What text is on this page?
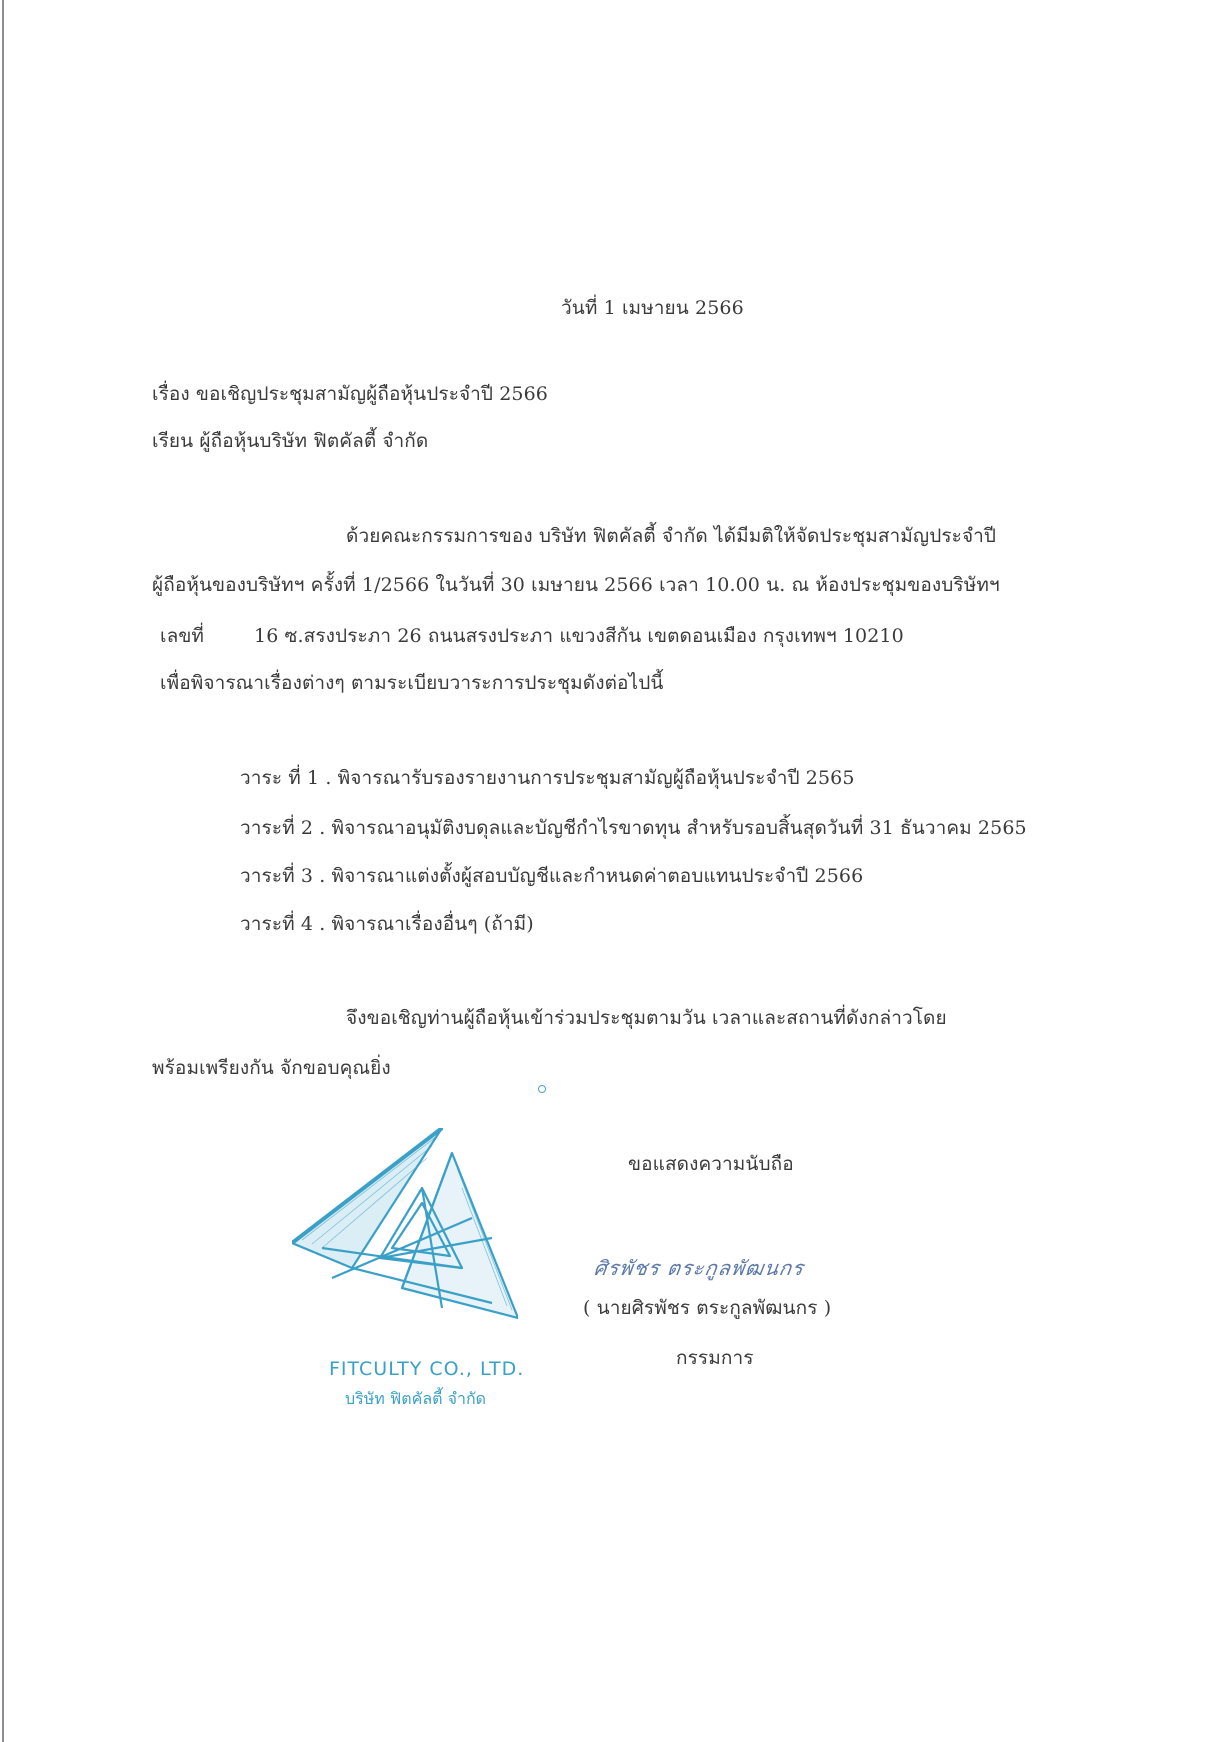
วันที่ 1 เมษายน 2566
เรื่อง ขอเชิญประชุมสามัญผู้ถือหุ้นประจำปี 2566
เรียน ผู้ถือหุ้นบริษัท ฟิตคัลตี้ จำกัด
ด้วยคณะกรรมการของ บริษัท ฟิตคัลตี้ จำกัด ได้มีมติให้จัดประชุมสามัญประจำปี
ผู้ถือหุ้นของบริษัทฯ ครั้งที่ 1/2566 ในวันที่ 30 เมษายน 2566 เวลา 10.00 น. ณ ห้องประชุมของบริษัทฯ
เลขที่	16 ซ.สรงประภา 26 ถนนสรงประภา แขวงสีกัน เขตดอนเมือง กรุงเทพฯ 10210
เพื่อพิจารณาเรื่องต่างๆ ตามระเบียบวาระการประชุมดังต่อไปนี้
วาระ ที่ 1 . พิจารณารับรองรายงานการประชุมสามัญผู้ถือหุ้นประจำปี 2565
วาระที่ 2 . พิจารณาอนุมัติงบดุลและบัญชีกำไรขาดทุน สำหรับรอบสิ้นสุดวันที่ 31 ธันวาคม 2565
วาระที่ 3 . พิจารณาแต่งตั้งผู้สอบบัญชีและกำหนดค่าตอบแทนประจำปี 2566
วาระที่ 4 . พิจารณาเรื่องอื่นๆ (ถ้ามี)
จึงขอเชิญท่านผู้ถือหุ้นเข้าร่วมประชุมตามวัน เวลาและสถานที่ดังกล่าวโดย
พร้อมเพรียงกัน จักขอบคุณยิ่ง
ขอแสดงความนับถือ
FITCULTY CO., LTD.
บริษัท ฟิตคัลตี้ จำกัด
ศิรพัชร ตระกูลพัฒนกร
( นายศิรพัชร ตระกูลพัฒนกร )
กรรมการ
